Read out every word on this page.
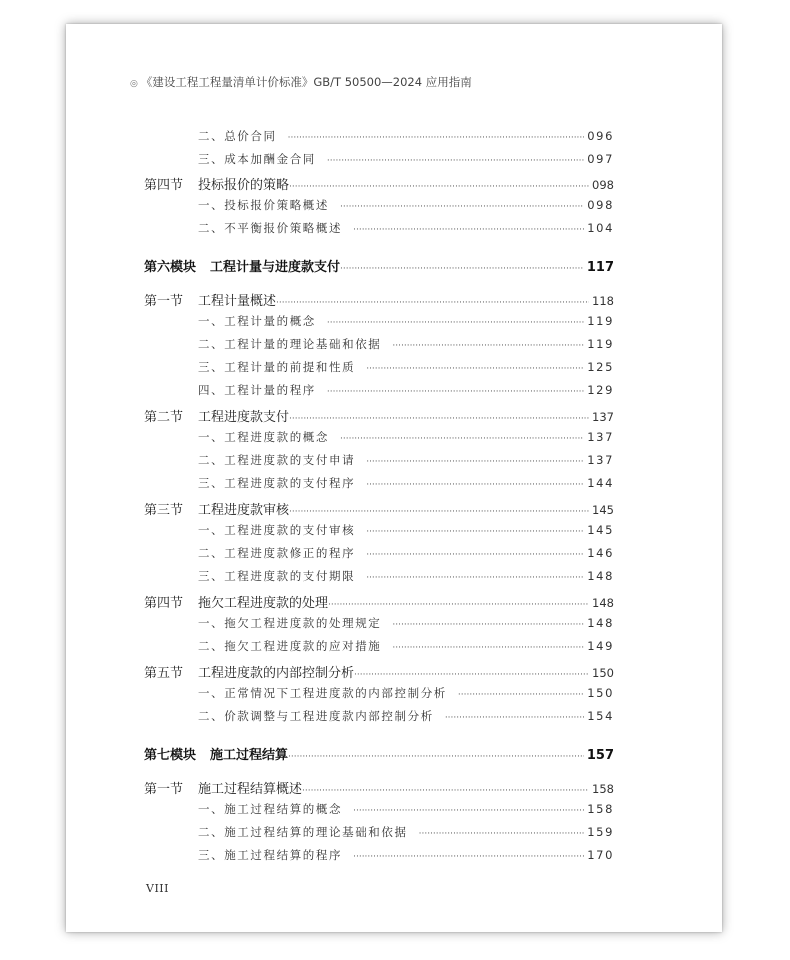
◎ 《建设工程工程量清单计价标准》GB/T 50500—2024 应用指南
二、总价合同 ·····	096
三、成本加酬金合同 ·····	097
第四节 投标报价的策略 ·····	098
一、投标报价策略概述 ·····	098
二、不平衡报价策略概述 ·····	104
第六模块 工程计量与进度款支付 ·····	117
第一节 工程计量概述 ·····	118
一、工程计量的概念 ·····	119
二、工程计量的理论基础和依据 ·····	119
三、工程计量的前提和性质 ·····	125
四、工程计量的程序 ·····	129
第二节 工程进度款支付 ·····	137
一、工程进度款的概念 ·····	137
二、工程进度款的支付申请 ·····	137
三、工程进度款的支付程序 ·····	144
第三节 工程进度款审核 ·····	145
一、工程进度款的支付审核 ·····	145
二、工程进度款修正的程序 ·····	146
三、工程进度款的支付期限 ·····	148
第四节 拖欠工程进度款的处理 ·····	148
一、拖欠工程进度款的处理规定 ·····	148
二、拖欠工程进度款的应对措施 ·····	149
第五节 工程进度款的内部控制分析 ·····	150
一、正常情况下工程进度款的内部控制分析 ·····	150
二、价款调整与工程进度款内部控制分析 ·····	154
第七模块 施工过程结算 ·····	157
第一节 施工过程结算概述 ·····	158
一、施工过程结算的概念 ·····	158
二、施工过程结算的理论基础和依据 ·····	159
三、施工过程结算的程序 ·····	170
VIII
